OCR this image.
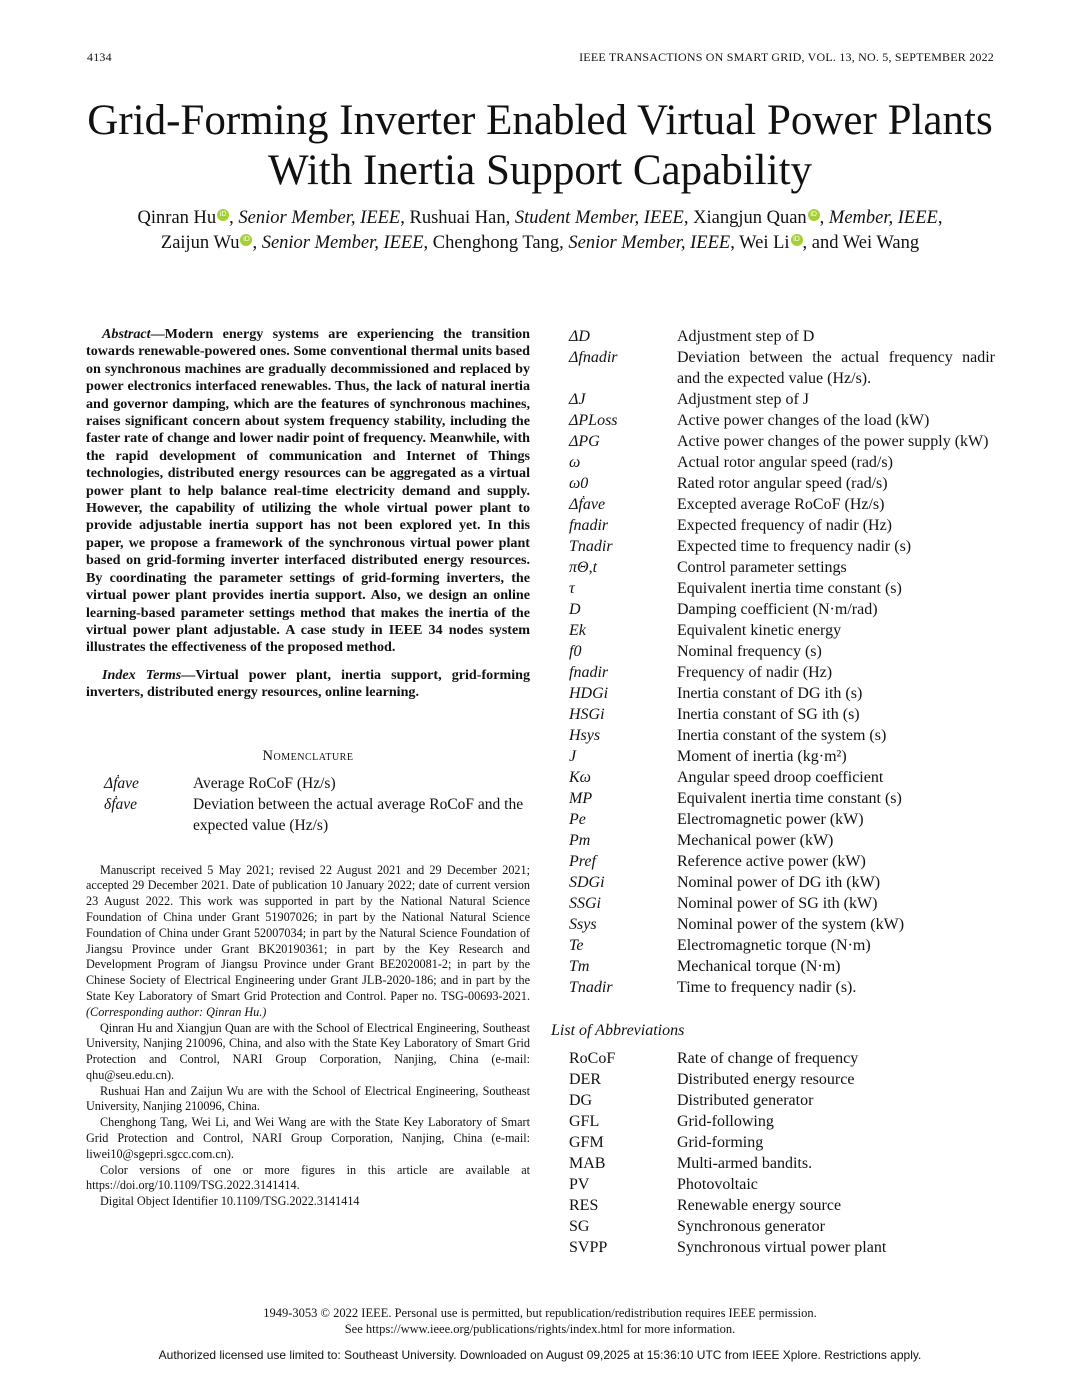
4134	IEEE TRANSACTIONS ON SMART GRID, VOL. 13, NO. 5, SEPTEMBER 2022
Grid-Forming Inverter Enabled Virtual Power Plants
With Inertia Support Capability
Qinran Hu iD , Senior Member, IEEE, Rushuai Han, Student Member, IEEE, Xiangjun Quan iD , Member, IEEE,
Zaijun Wu iD , Senior Member, IEEE, Chenghong Tang, Senior Member, IEEE, Wei Li iD , and Wei Wang

Abstract—Modern energy systems are experiencing the transition towards renewable-powered ones. Some conventional thermal units based on synchronous machines are gradually decommissioned and replaced by power electronics interfaced renewables. Thus, the lack of natural inertia and governor damping, which are the features of synchronous machines, raises significant concern about system frequency stability, including the faster rate of change and lower nadir point of frequency. Meanwhile, with the rapid development of communication and Internet of Things technologies, distributed energy resources can be aggregated as a virtual power plant to help balance real-time electricity demand and supply. However, the capability of utilizing the whole virtual power plant to provide adjustable inertia support has not been explored yet. In this paper, we propose a framework of the synchronous virtual power plant based on grid-forming inverter interfaced distributed energy resources. By coordinating the parameter settings of grid-forming inverters, the virtual power plant provides inertia support. Also, we design an online learning-based parameter settings method that makes the inertia of the virtual power plant adjustable. A case study in IEEE 34 nodes system illustrates the effectiveness of the proposed method.

Index Terms—Virtual power plant, inertia support, grid-forming inverters, distributed energy resources, online learning.

Nomenclature
Δḟave	Average RoCoF (Hz/s)
δḟave	Deviation between the actual average RoCoF and the expected value (Hz/s)

Manuscript received 5 May 2021; revised 22 August 2021 and 29 December 2021; accepted 29 December 2021. Date of publication 10 January 2022; date of current version 23 August 2022. This work was supported in part by the National Natural Science Foundation of China under Grant 51907026; in part by the National Natural Science Foundation of China under Grant 52007034; in part by the Natural Science Foundation of Jiangsu Province under Grant BK20190361; in part by the Key Research and Development Program of Jiangsu Province under Grant BE2020081-2; in part by the Chinese Society of Electrical Engineering under Grant JLB-2020-186; and in part by the State Key Laboratory of Smart Grid Protection and Control. Paper no. TSG-00693-2021. (Corresponding author: Qinran Hu.)

Qinran Hu and Xiangjun Quan are with the School of Electrical Engineering, Southeast University, Nanjing 210096, China, and also with the State Key Laboratory of Smart Grid Protection and Control, NARI Group Corporation, Nanjing, China (e-mail: qhu@seu.edu.cn).

Rushuai Han and Zaijun Wu are with the School of Electrical Engineering, Southeast University, Nanjing 210096, China.

Chenghong Tang, Wei Li, and Wei Wang are with the State Key Laboratory of Smart Grid Protection and Control, NARI Group Corporation, Nanjing, China (e-mail: liwei10@sgepri.sgcc.com.cn).

Color versions of one or more figures in this article are available at https://doi.org/10.1109/TSG.2022.3141414.

Digital Object Identifier 10.1109/TSG.2022.3141414

ΔD	Adjustment step of D
Δfnadir	Deviation between the actual frequency nadir and the expected value (Hz/s).
ΔJ	Adjustment step of J
ΔPLoss	Active power changes of the load (kW)
ΔPG	Active power changes of the power supply (kW)
ω	Actual rotor angular speed (rad/s)
ω0	Rated rotor angular speed (rad/s)
Δḟave	Excepted average RoCoF (Hz/s)
fnadir	Expected frequency of nadir (Hz)
Tnadir	Expected time to frequency nadir (s)
πΘ,t	Control parameter settings
τ	Equivalent inertia time constant (s)
D	Damping coefficient (N·m/rad)
Ek	Equivalent kinetic energy
f0	Nominal frequency (s)
fnadir	Frequency of nadir (Hz)
HDGi	Inertia constant of DG ith (s)
HSGi	Inertia constant of SG ith (s)
Hsys	Inertia constant of the system (s)
J	Moment of inertia (kg·m²)
Kω	Angular speed droop coefficient
MP	Equivalent inertia time constant (s)
Pe	Electromagnetic power (kW)
Pm	Mechanical power (kW)
Pref	Reference active power (kW)
SDGi	Nominal power of DG ith (kW)
SSGi	Nominal power of SG ith (kW)
Ssys	Nominal power of the system (kW)
Te	Electromagnetic torque (N·m)
Tm	Mechanical torque (N·m)
Tnadir	Time to frequency nadir (s).
List of Abbreviations
RoCoF	Rate of change of frequency
DER	Distributed energy resource
DG	Distributed generator
GFL	Grid-following
GFM	Grid-forming
MAB	Multi-armed bandits.
PV	Photovoltaic
RES	Renewable energy source
SG	Synchronous generator
SVPP	Synchronous virtual power plant
1949-3053 © 2022 IEEE. Personal use is permitted, but republication/redistribution requires IEEE permission.
See https://www.ieee.org/publications/rights/index.html for more information.
Authorized licensed use limited to: Southeast University. Downloaded on August 09,2025 at 15:36:10 UTC from IEEE Xplore. Restrictions apply.
